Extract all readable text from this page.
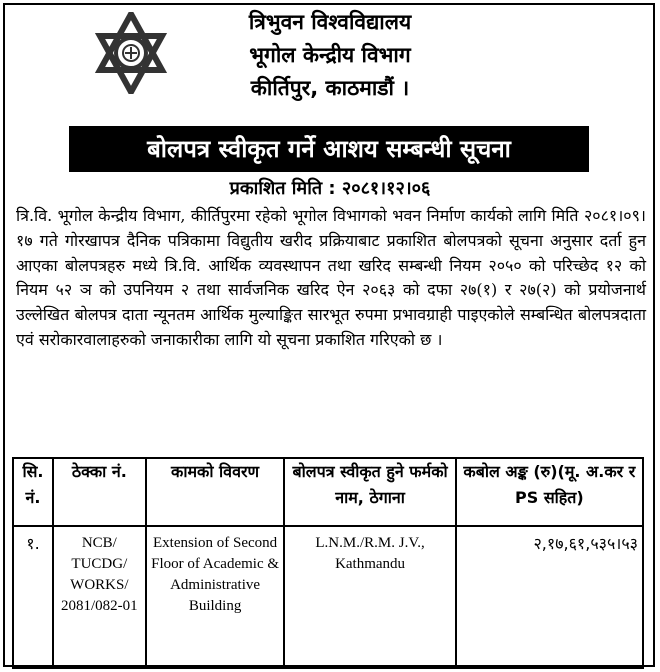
त्रिभुवन विश्वविद्यालय
भूगोल केन्द्रीय विभाग
कीर्तिपुर, काठमाडौं ।
बोलपत्र स्वीकृत गर्ने आशय सम्बन्धी सूचना
प्रकाशित मिति : २०८१।१२।०६
त्रि.वि. भूगोल केन्द्रीय विभाग, कीर्तिपुरमा रहेको भूगोल विभागको भवन निर्माण कार्यको लागि मिति २०८१।०९।१७ गते गोरखापत्र दैनिक पत्रिकामा विद्युतीय खरीद प्रक्रियाबाट प्रकाशित बोलपत्रको सूचना अनुसार दर्ता हुन आएका बोलपत्रहरु मध्ये त्रि.वि. आर्थिक व्यवस्थापन तथा खरिद सम्बन्धी नियम २०५० को परिच्छेद १२ को नियम ५२ ञ को उपनियम २ तथा सार्वजनिक खरिद ऐन २०६३ को दफा २७(१) र २७(२) को प्रयोजनार्थ उल्लेखित बोलपत्र दाता न्यूनतम आर्थिक मुल्याङ्कित सारभूत रुपमा प्रभावग्राही पाइएकोले सम्बन्धित बोलपत्रदाता एवं सरोकारवालाहरुको जनाकारीका लागि यो सूचना प्रकाशित गरिएको छ ।
सि. नं.	ठेक्का नं.	कामको विवरण	बोलपत्र स्वीकृत हुने फर्मको नाम, ठेगाना	कबोल अङ्क (रु)(मू. अ.कर र PS सहित)
१.	NCB/ TUCDG/ WORKS/ 2081/082-01	Extension of Second Floor of Academic & Administrative Building	L.N.M./R.M. J.V., Kathmandu	२,१७,६१,५३५।५३
